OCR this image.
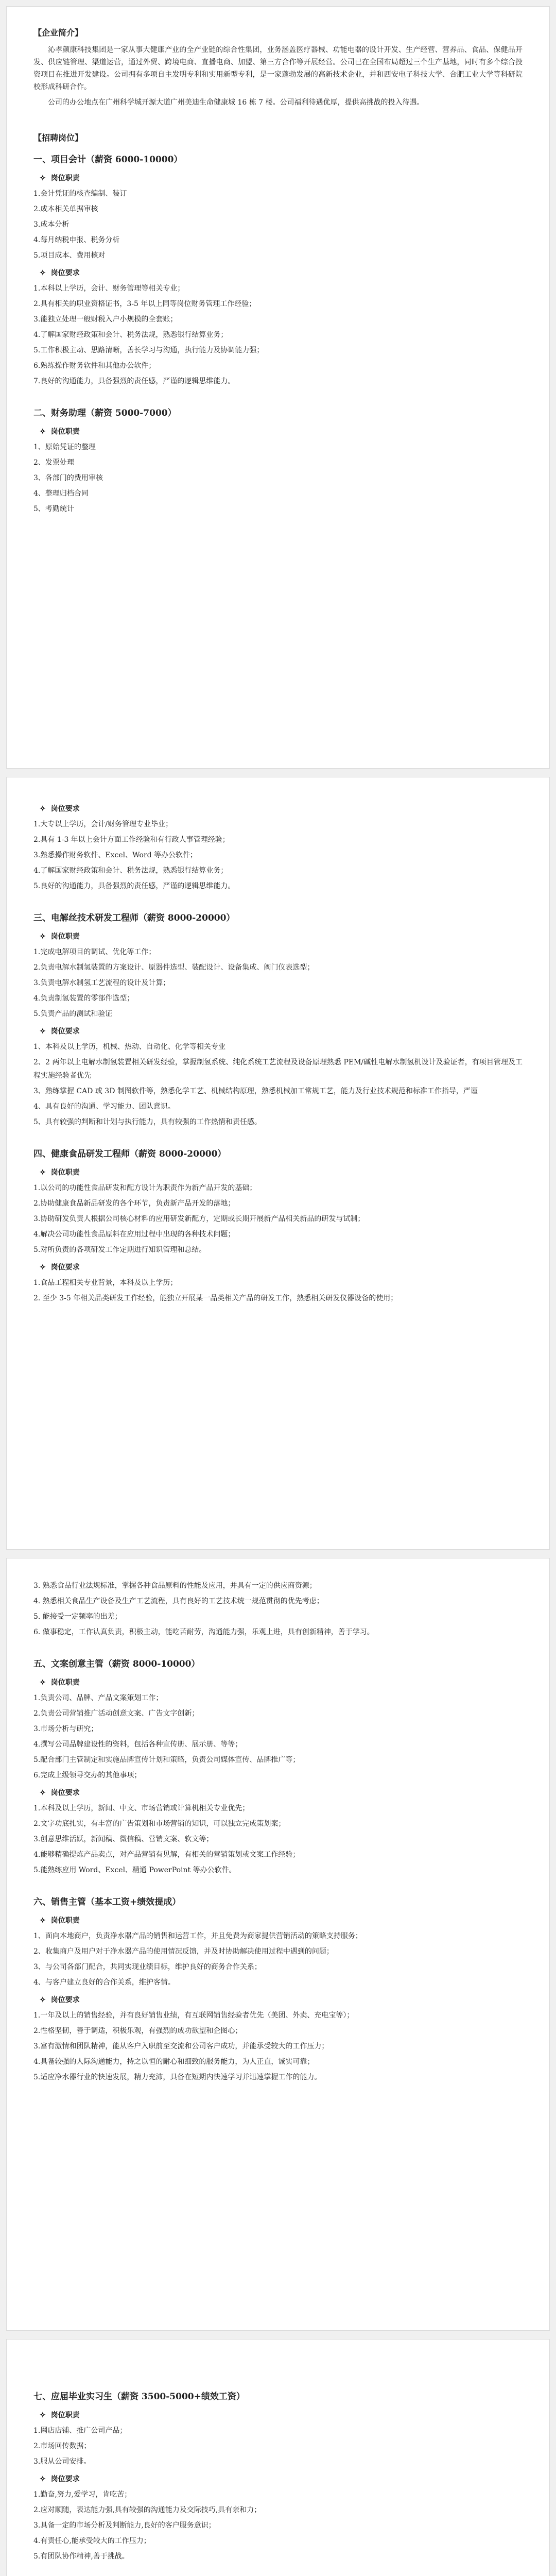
【企业简介】

沁孝颜康科技集团是一家从事大健康产业的全产业链的综合性集团，业务涵盖医疗器械、功能电器的设计开发、生产经营、营养品、食品、保健品开发、供应链管理、渠道运营，通过外贸、跨境电商、直播电商、加盟、第三方合作等开展经营。公司已在全国布局超过三个生产基地，同时有多个综合投资项目在推进开发建设。公司拥有多项自主发明专利和实用新型专利，是一家蓬勃发展的高新技术企业，并和西安电子科技大学、合肥工业大学等科研院校形成科研合作。

公司的办公地点在广州科学城开源大道广州美迪生命健康城 16 栋 7 楼。公司福利待遇优厚，提供高挑战的投入待遇。

【招聘岗位】
一、项目会计（薪资 6000-10000）
✧ 岗位职责
1.会计凭证的核查编制、装订
2.成本相关单据审核
3.成本分析
4.每月纳税申报、税务分析
5.项目成本、费用核对
✧ 岗位要求
1.本科以上学历，会计、财务管理等相关专业；
2.具有相关的职业资格证书，3-5 年以上同等岗位财务管理工作经验；
3.能独立处理一般财税入户小规模的全套账；
4.了解国家财经政策和会计、税务法规，熟悉银行结算业务；
5.工作积极主动、思路清晰，善长学习与沟通，执行能力及协调能力强；
6.熟练操作财务软件和其他办公软件；
7.良好的沟通能力，具备强烈的责任感，严谨的逻辑思维能力。
二、财务助理（薪资 5000-7000）
✧ 岗位职责
1、原始凭证的整理
2、发票处理
3、各部门的费用审核
4、整理归档合同
5、考勤统计
✧ 岗位要求
1.大专以上学历，会计/财务管理专业毕业；
2.具有 1-3 年以上会计方面工作经验和有行政人事管理经验；
3.熟悉操作财务软件、Excel、Word 等办公软件；
4.了解国家财经政策和会计、税务法规，熟悉银行结算业务；
5.良好的沟通能力，具备强烈的责任感，严谨的逻辑思维能力。
三、电解丝技术研发工程师（薪资 8000-20000）
✧ 岗位职责
1.完成电解项目的调试、优化等工作；
2.负责电解水制氢装置的方案设计、原器件选型、装配设计、设备集成、阀门仪表选型；
3.负责电解水制氢工艺流程的设计及计算；
4.负责制氢装置的零部件选型；
5.负责产品的测试和验证
✧ 岗位要求
1、本科及以上学历，机械、热动、自动化、化学等相关专业
2、2 两年以上电解水制氢装置相关研发经验，掌握制氢系统、纯化系统工艺流程及设备原理熟悉 PEM/碱性电解水制氢机设计及验证者，有项目管理及工程实施经验者优先
3、熟练掌握 CAD 或 3D 制图软件等，熟悉化学工艺、机械结构原理，熟悉机械加工常规工艺，能力及行业技术规范和标准工作指导，严谨
4、具有良好的沟通、学习能力、团队意识。
5、具有较强的判断和计划与执行能力，具有较强的工作热情和责任感。
四、健康食品研发工程师（薪资 8000-20000）
✧ 岗位职责
1.以公司的功能性食品研发和配方设计为职责作为新产品开发的基础；
2.协助健康食品新品研发的各个环节，负责新产品开发的落地；
3.协助研发负责人根据公司核心材料的应用研发新配方，定期或长期开展新产品相关新品的研发与试制；
4.解决公司功能性食品原料在应用过程中出现的各种技术问题；
5.对所负责的各项研发工作定期进行知识管理和总结。
✧ 岗位要求
1.食品工程相关专业背景，本科及以上学历；
2. 至少 3-5 年相关品类研发工作经验，能独立开展某一品类相关产品的研发工作，熟悉相关研发仪器设备的使用；
3. 熟悉食品行业法规标准，掌握各种食品原料的性能及应用，并具有一定的供应商资源；
4. 熟悉相关食品生产设备及生产工艺流程，具有良好的工艺技术统一规范贯彻的优先考虑；
5. 能接受一定频率的出差；
6. 做事稳定，工作认真负责，积极主动，能吃苦耐劳，沟通能力强，乐观上进，具有创新精神，善于学习。
五、文案创意主管（薪资 8000-10000）
✧ 岗位职责
1.负责公司、品牌、产品文案策划工作；
2.负责公司营销推广活动创意文案、广告文字创新；
3.市场分析与研究；
4.撰写公司品牌建设性的资料，包括各种宣传册、展示册、等等；
5.配合部门主管制定和实施品牌宣传计划和策略，负责公司媒体宣传、品牌推广等；
6.完成上级领导交办的其他事项；
✧ 岗位要求
1.本科及以上学历，新闻、中文、市场营销或计算机相关专业优先；
2.文字功底扎实，有丰富的广告策划和市场营销的知识，可以独立完成策划案；
3.创意思维活跃，新闻稿、微信稿、营销文案、软文等；
4.能够精确提炼产品卖点，对产品营销有见解，有相关的营销策划或文案工作经验；
5.能熟练应用 Word、Excel、精通 PowerPoint 等办公软件。
六、销售主管（基本工资+绩效提成）
✧ 岗位职责
1、面向本地商户，负责净水器产品的销售和运营工作，并且免费为商家提供营销活动的策略支持服务；
2、收集商户及用户对于净水器产品的使用情况反馈，并及时协助解决使用过程中遇到的问题；
3、与公司各部门配合，共同实现业绩目标，维护良好的商务合作关系；
4、与客户建立良好的合作关系，维护客情。
✧ 岗位要求
1.一年及以上的销售经验，并有良好销售业绩，有互联网销售经验者优先（美团、外卖、充电宝等）；
2.性格坚韧，善于调适，积极乐观，有强烈的成功欲望和企图心；
3.富有激情和团队精神，能从客户入职前至交流和公司客户成功，并能承受较大的工作压力；
4.具备较强的人际沟通能力，持之以恒的耐心和细致的服务能力，为人正直，诚实可靠；
5.适应净水器行业的快速发展，精力充沛，具备在短期内快速学习并迅速掌握工作的能力。
七、应届毕业实习生（薪资 3500-5000+绩效工资）
✧ 岗位职责
1.网店店铺、推广公司产品；
2.市场回传数据；
3.服从公司安排。
✧ 岗位要求
1.勤奋,努力,爱学习，肯吃苦；
2.应对顺随，表达能力强,具有较强的沟通能力及交际技巧,具有亲和力；
3.具备一定的市场分析及判断能力,良好的客户服务意识；
4.有责任心,能承受较大的工作压力；
5.有团队协作精神,善于挑战。
